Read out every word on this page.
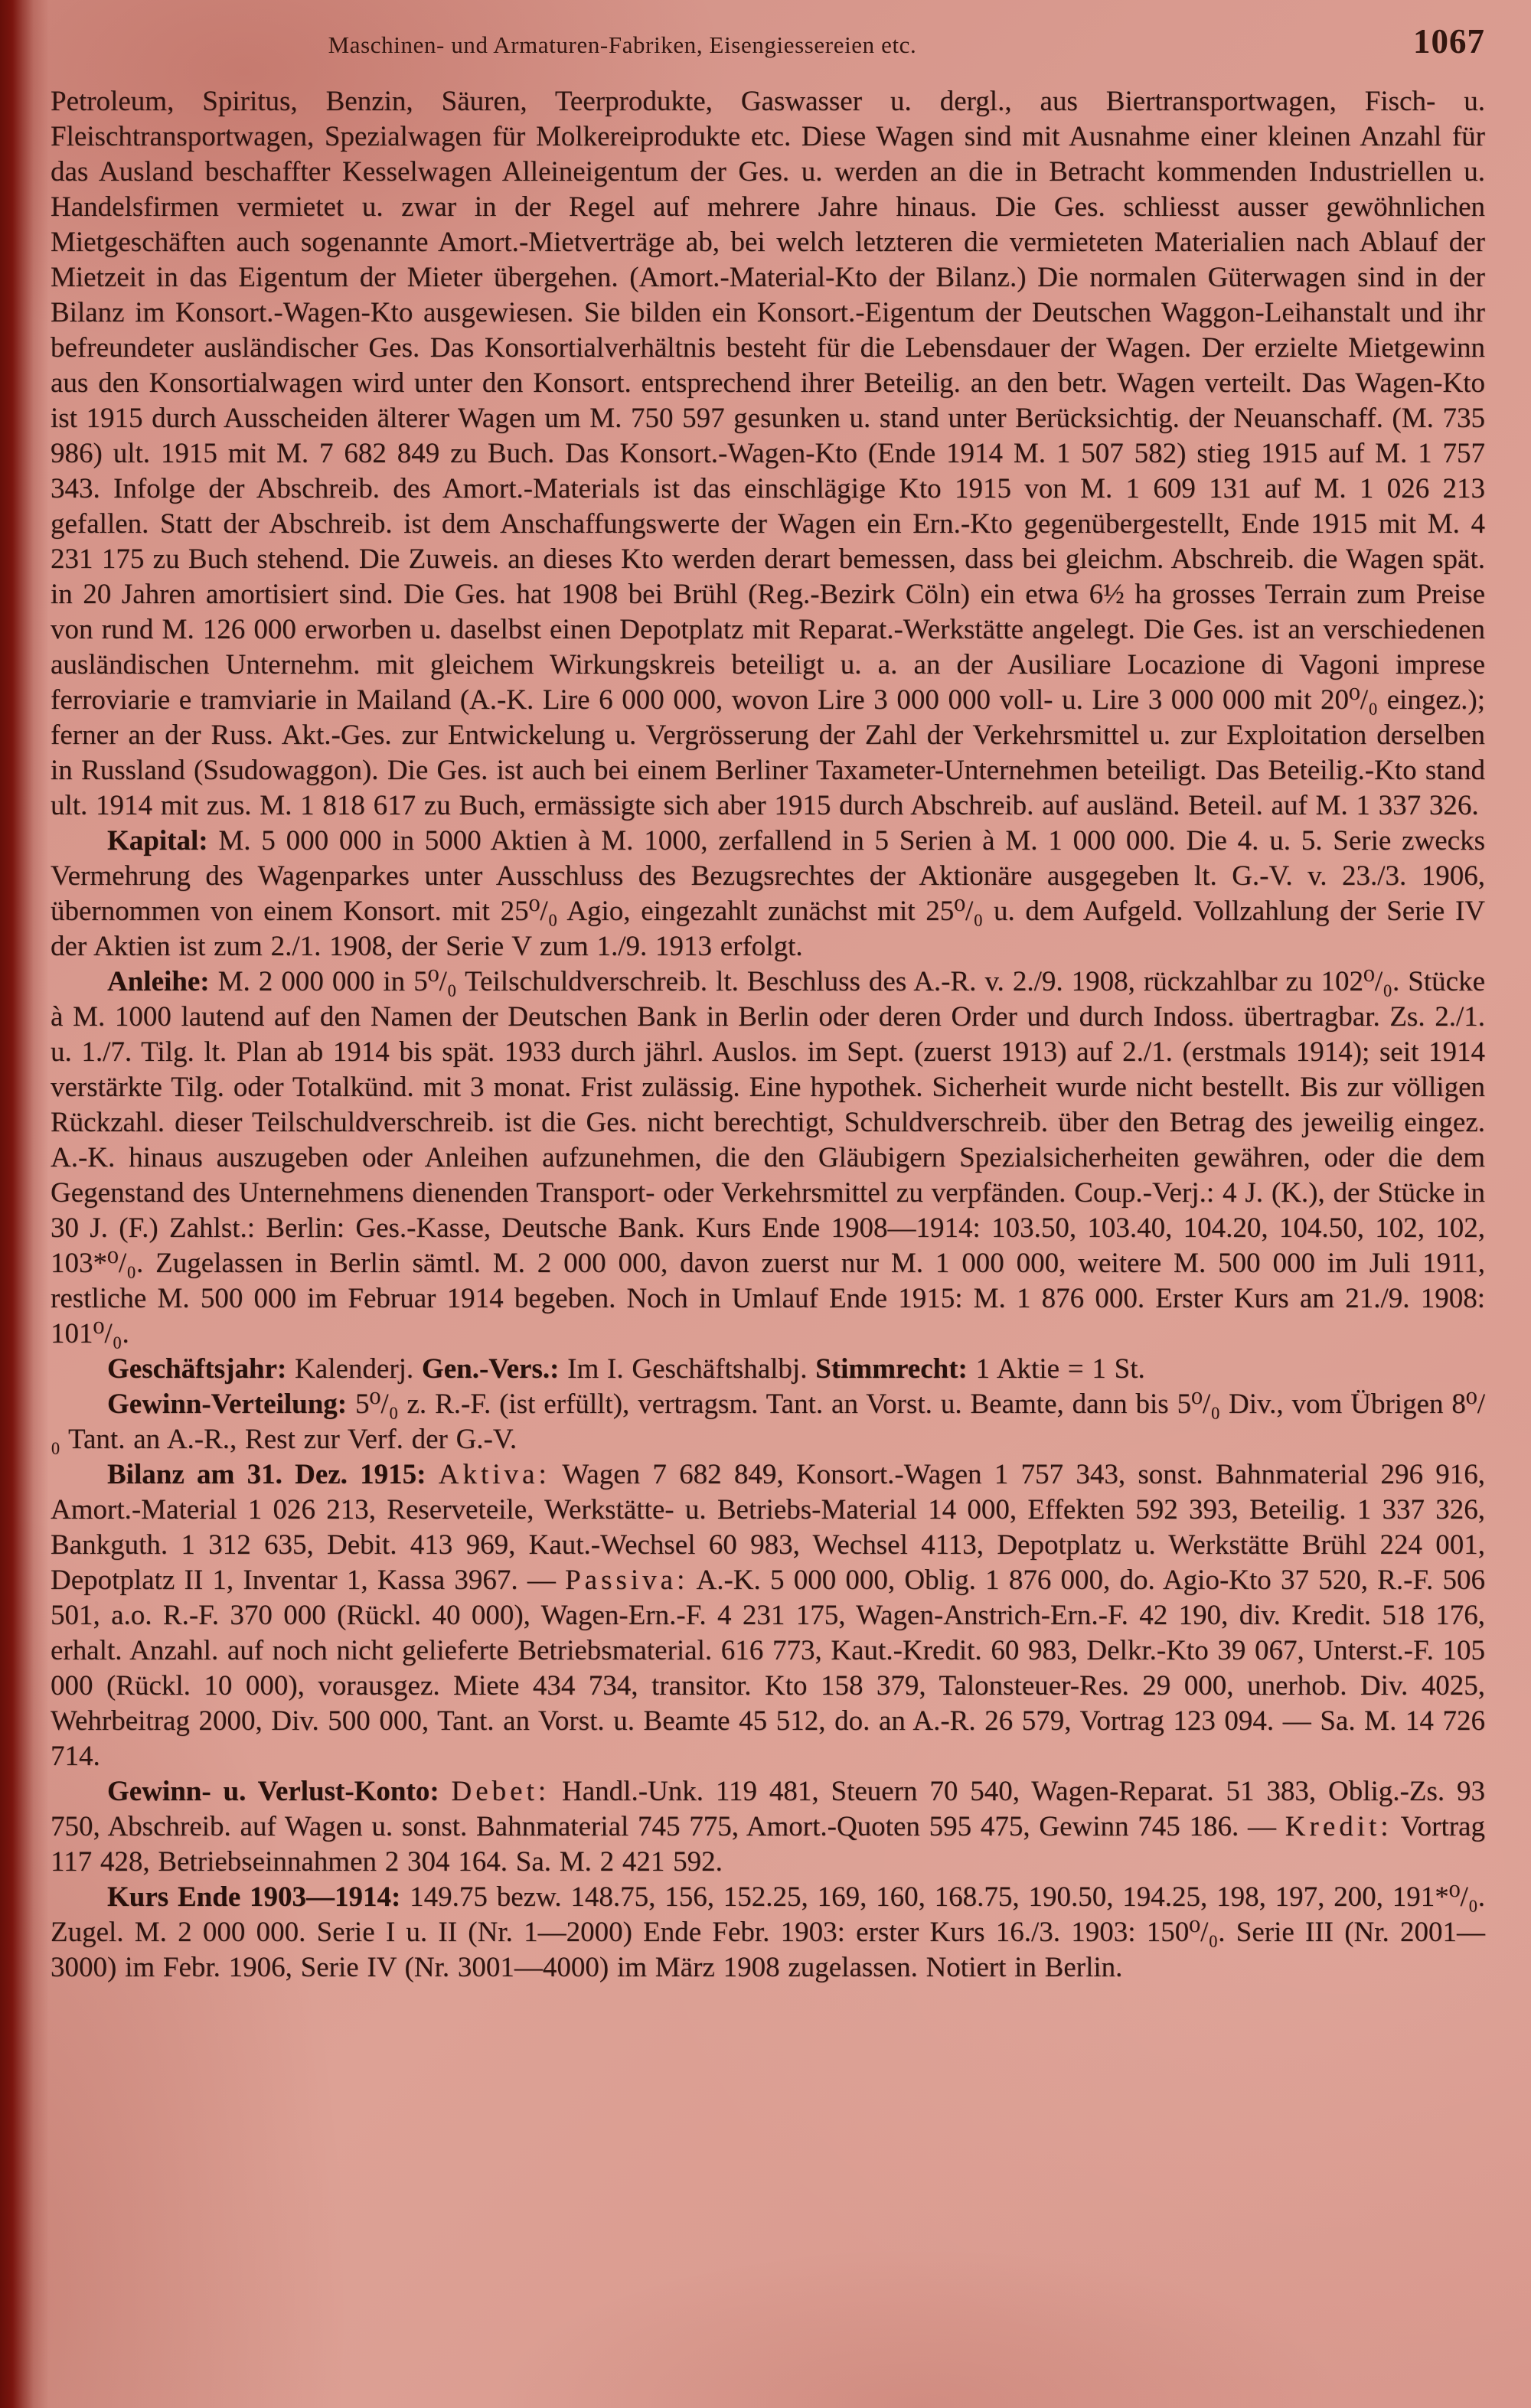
Maschinen- und Armaturen-Fabriken, Eisengiessereien etc.	1067

Petroleum, Spiritus, Benzin, Säuren, Teerprodukte, Gaswasser u. dergl., aus Biertransportwagen, Fisch- u. Fleischtransportwagen, Spezialwagen für Molkereiprodukte etc. Diese Wagen sind mit Ausnahme einer kleinen Anzahl für das Ausland beschaffter Kesselwagen Alleineigentum der Ges. u. werden an die in Betracht kommenden Industriellen u. Handelsfirmen vermietet u. zwar in der Regel auf mehrere Jahre hinaus. Die Ges. schliesst ausser gewöhnlichen Mietgeschäften auch sogenannte Amort.-Mietverträge ab, bei welch letzteren die vermieteten Materialien nach Ablauf der Mietzeit in das Eigentum der Mieter übergehen. (Amort.-Material-Kto der Bilanz.) Die normalen Güterwagen sind in der Bilanz im Konsort.-Wagen-Kto ausgewiesen. Sie bilden ein Konsort.-Eigentum der Deutschen Waggon-Leihanstalt und ihr befreundeter ausländischer Ges. Das Konsortialverhältnis besteht für die Lebensdauer der Wagen. Der erzielte Mietgewinn aus den Konsortialwagen wird unter den Konsort. entsprechend ihrer Beteilig. an den betr. Wagen verteilt. Das Wagen-Kto ist 1915 durch Ausscheiden älterer Wagen um M. 750 597 gesunken u. stand unter Berücksichtig. der Neuanschaff. (M. 735 986) ult. 1915 mit M. 7 682 849 zu Buch. Das Konsort.-Wagen-Kto (Ende 1914 M. 1 507 582) stieg 1915 auf M. 1 757 343. Infolge der Abschreib. des Amort.-Materials ist das einschlägige Kto 1915 von M. 1 609 131 auf M. 1 026 213 gefallen. Statt der Abschreib. ist dem Anschaffungswerte der Wagen ein Ern.-Kto gegenübergestellt, Ende 1915 mit M. 4 231 175 zu Buch stehend. Die Zuweis. an dieses Kto werden derart bemessen, dass bei gleichm. Abschreib. die Wagen spät. in 20 Jahren amortisiert sind. Die Ges. hat 1908 bei Brühl (Reg.-Bezirk Cöln) ein etwa 6½ ha grosses Terrain zum Preise von rund M. 126 000 erworben u. daselbst einen Depotplatz mit Reparat.-Werkstätte angelegt. Die Ges. ist an verschiedenen ausländischen Unternehm. mit gleichem Wirkungskreis beteiligt u. a. an der Ausiliare Locazione di Vagoni imprese ferroviarie e tramviarie in Mailand (A.-K. Lire 6 000 000, wovon Lire 3 000 000 voll- u. Lire 3 000 000 mit 20⁰/₀ eingez.); ferner an der Russ. Akt.-Ges. zur Entwickelung u. Vergrösserung der Zahl der Verkehrsmittel u. zur Exploitation derselben in Russland (Ssudowaggon). Die Ges. ist auch bei einem Berliner Taxameter-Unternehmen beteiligt. Das Beteilig.-Kto stand ult. 1914 mit zus. M. 1 818 617 zu Buch, ermässigte sich aber 1915 durch Abschreib. auf ausländ. Beteil. auf M. 1 337 326.

Kapital: M. 5 000 000 in 5000 Aktien à M. 1000, zerfallend in 5 Serien à M. 1 000 000. Die 4. u. 5. Serie zwecks Vermehrung des Wagenparkes unter Ausschluss des Bezugsrechtes der Aktionäre ausgegeben lt. G.-V. v. 23./3. 1906, übernommen von einem Konsort. mit 25⁰/₀ Agio, eingezahlt zunächst mit 25⁰/₀ u. dem Aufgeld. Vollzahlung der Serie IV der Aktien ist zum 2./1. 1908, der Serie V zum 1./9. 1913 erfolgt.

Anleihe: M. 2 000 000 in 5⁰/₀ Teilschuldverschreib. lt. Beschluss des A.-R. v. 2./9. 1908, rückzahlbar zu 102⁰/₀. Stücke à M. 1000 lautend auf den Namen der Deutschen Bank in Berlin oder deren Order und durch Indoss. übertragbar. Zs. 2./1. u. 1./7. Tilg. lt. Plan ab 1914 bis spät. 1933 durch jährl. Auslos. im Sept. (zuerst 1913) auf 2./1. (erstmals 1914); seit 1914 verstärkte Tilg. oder Totalkünd. mit 3 monat. Frist zulässig. Eine hypothek. Sicherheit wurde nicht bestellt. Bis zur völligen Rückzahl. dieser Teilschuldverschreib. ist die Ges. nicht berechtigt, Schuldverschreib. über den Betrag des jeweilig eingez. A.-K. hinaus auszugeben oder Anleihen aufzunehmen, die den Gläubigern Spezialsicherheiten gewähren, oder die dem Gegenstand des Unternehmens dienenden Transport- oder Verkehrsmittel zu verpfänden. Coup.-Verj.: 4 J. (K.), der Stücke in 30 J. (F.) Zahlst.: Berlin: Ges.-Kasse, Deutsche Bank. Kurs Ende 1908—1914: 103.50, 103.40, 104.20, 104.50, 102, 102, 103*⁰/₀. Zugelassen in Berlin sämtl. M. 2 000 000, davon zuerst nur M. 1 000 000, weitere M. 500 000 im Juli 1911, restliche M. 500 000 im Februar 1914 begeben. Noch in Umlauf Ende 1915: M. 1 876 000. Erster Kurs am 21./9. 1908: 101⁰/₀.

Geschäftsjahr: Kalenderj. Gen.-Vers.: Im I. Geschäftshalbj. Stimmrecht: 1 Aktie = 1 St.

Gewinn-Verteilung: 5⁰/₀ z. R.-F. (ist erfüllt), vertragsm. Tant. an Vorst. u. Beamte, dann bis 5⁰/₀ Div., vom Übrigen 8⁰/₀ Tant. an A.-R., Rest zur Verf. der G.-V.

Bilanz am 31. Dez. 1915: Aktiva: Wagen 7 682 849, Konsort.-Wagen 1 757 343, sonst. Bahnmaterial 296 916, Amort.-Material 1 026 213, Reserveteile, Werkstätte- u. Betriebs-Material 14 000, Effekten 592 393, Beteilig. 1 337 326, Bankguth. 1 312 635, Debit. 413 969, Kaut.-Wechsel 60 983, Wechsel 4113, Depotplatz u. Werkstätte Brühl 224 001, Depotplatz II 1, Inventar 1, Kassa 3967. — Passiva: A.-K. 5 000 000, Oblig. 1 876 000, do. Agio-Kto 37 520, R.-F. 506 501, a.o. R.-F. 370 000 (Rückl. 40 000), Wagen-Ern.-F. 4 231 175, Wagen-Anstrich-Ern.-F. 42 190, div. Kredit. 518 176, erhalt. Anzahl. auf noch nicht gelieferte Betriebsmaterial. 616 773, Kaut.-Kredit. 60 983, Delkr.-Kto 39 067, Unterst.-F. 105 000 (Rückl. 10 000), vorausgez. Miete 434 734, transitor. Kto 158 379, Talonsteuer-Res. 29 000, unerhob. Div. 4025, Wehrbeitrag 2000, Div. 500 000, Tant. an Vorst. u. Beamte 45 512, do. an A.-R. 26 579, Vortrag 123 094. — Sa. M. 14 726 714.

Gewinn- u. Verlust-Konto: Debet: Handl.-Unk. 119 481, Steuern 70 540, Wagen-Reparat. 51 383, Oblig.-Zs. 93 750, Abschreib. auf Wagen u. sonst. Bahnmaterial 745 775, Amort.-Quoten 595 475, Gewinn 745 186. — Kredit: Vortrag 117 428, Betriebseinnahmen 2 304 164. Sa. M. 2 421 592.

Kurs Ende 1903—1914: 149.75 bezw. 148.75, 156, 152.25, 169, 160, 168.75, 190.50, 194.25, 198, 197, 200, 191*⁰/₀. Zugel. M. 2 000 000. Serie I u. II (Nr. 1—2000) Ende Febr. 1903: erster Kurs 16./3. 1903: 150⁰/₀. Serie III (Nr. 2001—3000) im Febr. 1906, Serie IV (Nr. 3001—4000) im März 1908 zugelassen. Notiert in Berlin.
